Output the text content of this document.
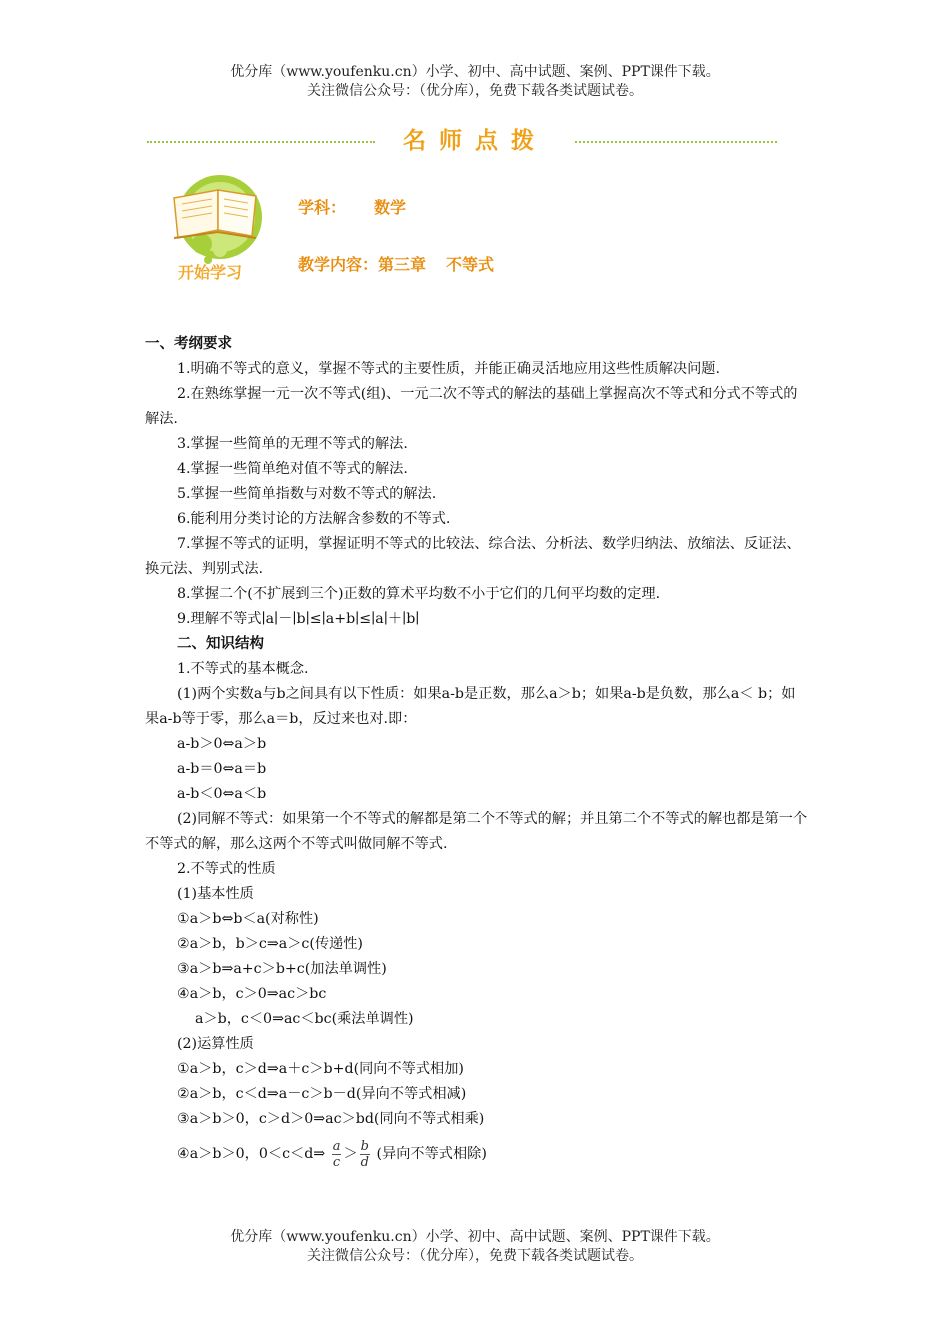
优分库（www.youfenku.cn）小学、初中、高中试题、案例、PPT课件下载。
关注微信公众号：（优分库），免费下载各类试题试卷。
名师点拨
开始学习
学科： 数学
教学内容：第三章 不等式

一、考纲要求

1.明确不等式的意义，掌握不等式的主要性质，并能正确灵活地应用这些性质解决问题.

2.在熟练掌握一元一次不等式(组)、一元二次不等式的解法的基础上掌握高次不等式和分式不等式的解法.

3.掌握一些简单的无理不等式的解法.

4.掌握一些简单绝对值不等式的解法.

5.掌握一些简单指数与对数不等式的解法.

6.能利用分类讨论的方法解含参数的不等式.

7.掌握不等式的证明，掌握证明不等式的比较法、综合法、分析法、数学归纳法、放缩法、反证法、换元法、判别式法.

8.掌握二个(不扩展到三个)正数的算术平均数不小于它们的几何平均数的定理.

9.理解不等式∣a∣－∣b∣≤∣a+b∣≤∣a∣＋∣b∣

二、知识结构

1.不等式的基本概念.

(1)两个实数a与b之间具有以下性质：如果a-b是正数，那么a＞b；如果a-b是负数，那么a＜ b；如果a-b等于零，那么a＝b，反过来也对.即：

a-b＞0⇔a＞b

a-b＝0⇔a＝b

a-b＜0⇔a＜b

(2)同解不等式：如果第一个不等式的解都是第二个不等式的解；并且第二个不等式的解也都是第一个不等式的解，那么这两个不等式叫做同解不等式.

2.不等式的性质

(1)基本性质

①a＞b⇔b＜a(对称性)

②a＞b，b＞c⇒a＞c(传递性)

③a＞b⇒a+c＞b+c(加法单调性)

④a＞b，c＞0⇒ac＞bc

a＞b，c＜0⇒ac＜bc(乘法单调性)

(2)运算性质

①a＞b，c＞d⇒a＋c＞b+d(同向不等式相加)

②a＞b，c＜d⇒a－c＞b－d(异向不等式相减)

③a＞b＞0，c＞d＞0⇒ac＞bd(同向不等式相乘)

④a＞b＞0，0＜c＜d⇒ $\frac{a}{c} > \frac{b}{d}$ (异向不等式相除)

优分库（www.youfenku.cn）小学、初中、高中试题、案例、PPT课件下载。
关注微信公众号：（优分库），免费下载各类试题试卷。
